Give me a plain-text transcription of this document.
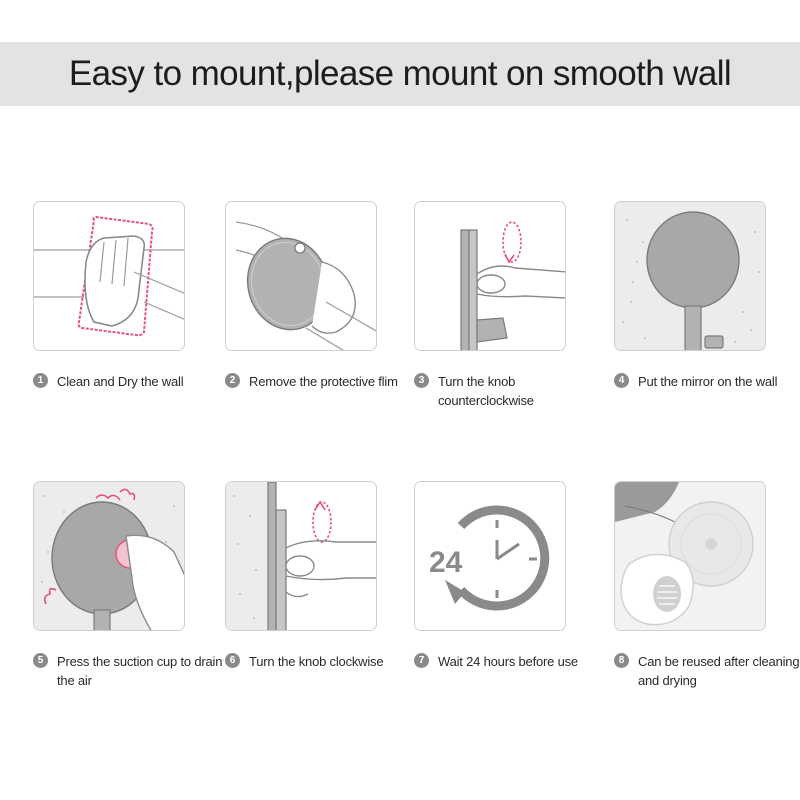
Easy to mount,please mount on smooth wall
1	Clean and Dry the wall	2	Remove the protective flim	3	Turn the knob counterclockwise
4	Put the mirror on the wall
5	Press the suction cup to drain the air
6	Turn the knob clockwise
24
7	Wait 24 hours before use	8	Can be reused after cleaning and drying
